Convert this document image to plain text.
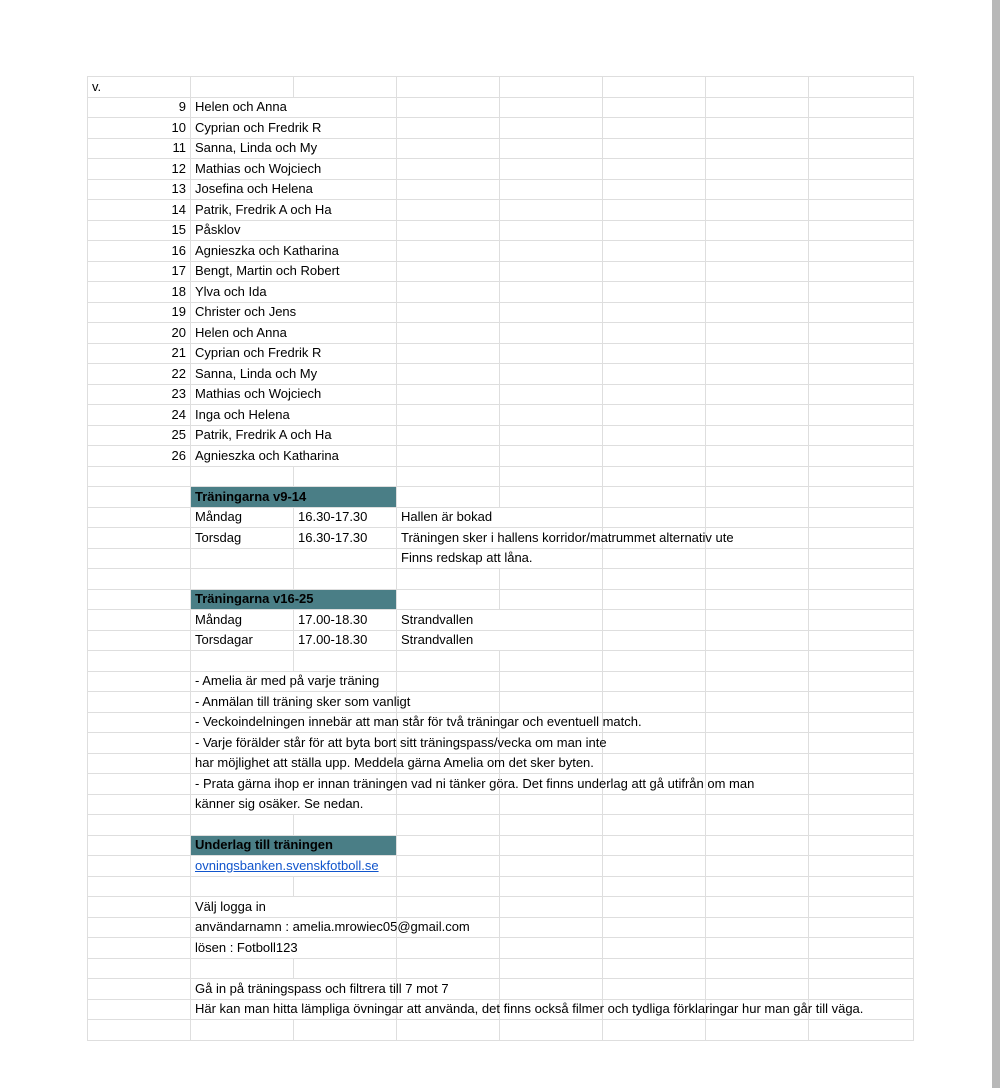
v.							
9	Helen och Anna						
10	Cyprian och Fredrik R						
11	Sanna, Linda och My						
12	Mathias och Wojciech						
13	Josefina och Helena						
14	Patrik, Fredrik A och Ha						
15	Påsklov						
16	Agnieszka och Katharina						
17	Bengt, Martin och Robert						
18	Ylva och Ida						
19	Christer och Jens						
20	Helen och Anna						
21	Cyprian och Fredrik R						
22	Sanna, Linda och My						
23	Mathias och Wojciech						
24	Inga och Helena						
25	Patrik, Fredrik A och Ha						
26	Agnieszka och Katharina						

	Träningarna v9-14						
	Måndag	16.30-17.30	Hallen är bokad				
	Torsdag	16.30-17.30	Träningen sker i hallens korridor/matrummet alternativ ute				
			Finns redskap att låna.				

	Träningarna v16-25						
	Måndag	17.00-18.30	Strandvallen				
	Torsdagar	17.00-18.30	Strandvallen				

	- Amelia är med på varje träning						
	- Anmälan till träning sker som vanligt						
	- Veckoindelningen innebär att man står för två träningar och eventuell match.						
	- Varje förälder står för att byta bort sitt träningspass/vecka om man inte						
	har möjlighet att ställa upp. Meddela gärna Amelia om det sker byten.						
	- Prata gärna ihop er innan träningen vad ni tänker göra. Det finns underlag att gå utifrån om man						
	känner sig osäker. Se nedan.						

	Underlag till träningen						
	ovningsbanken.svenskfotboll.se						

	Välj logga in						
	användarnamn : amelia.mrowiec05@gmail.com						
	lösen : Fotboll123						

	Gå in på träningspass och filtrera till 7 mot 7						
	Här kan man hitta lämpliga övningar att använda, det finns också filmer och tydliga förklaringar hur man går till väga.						
